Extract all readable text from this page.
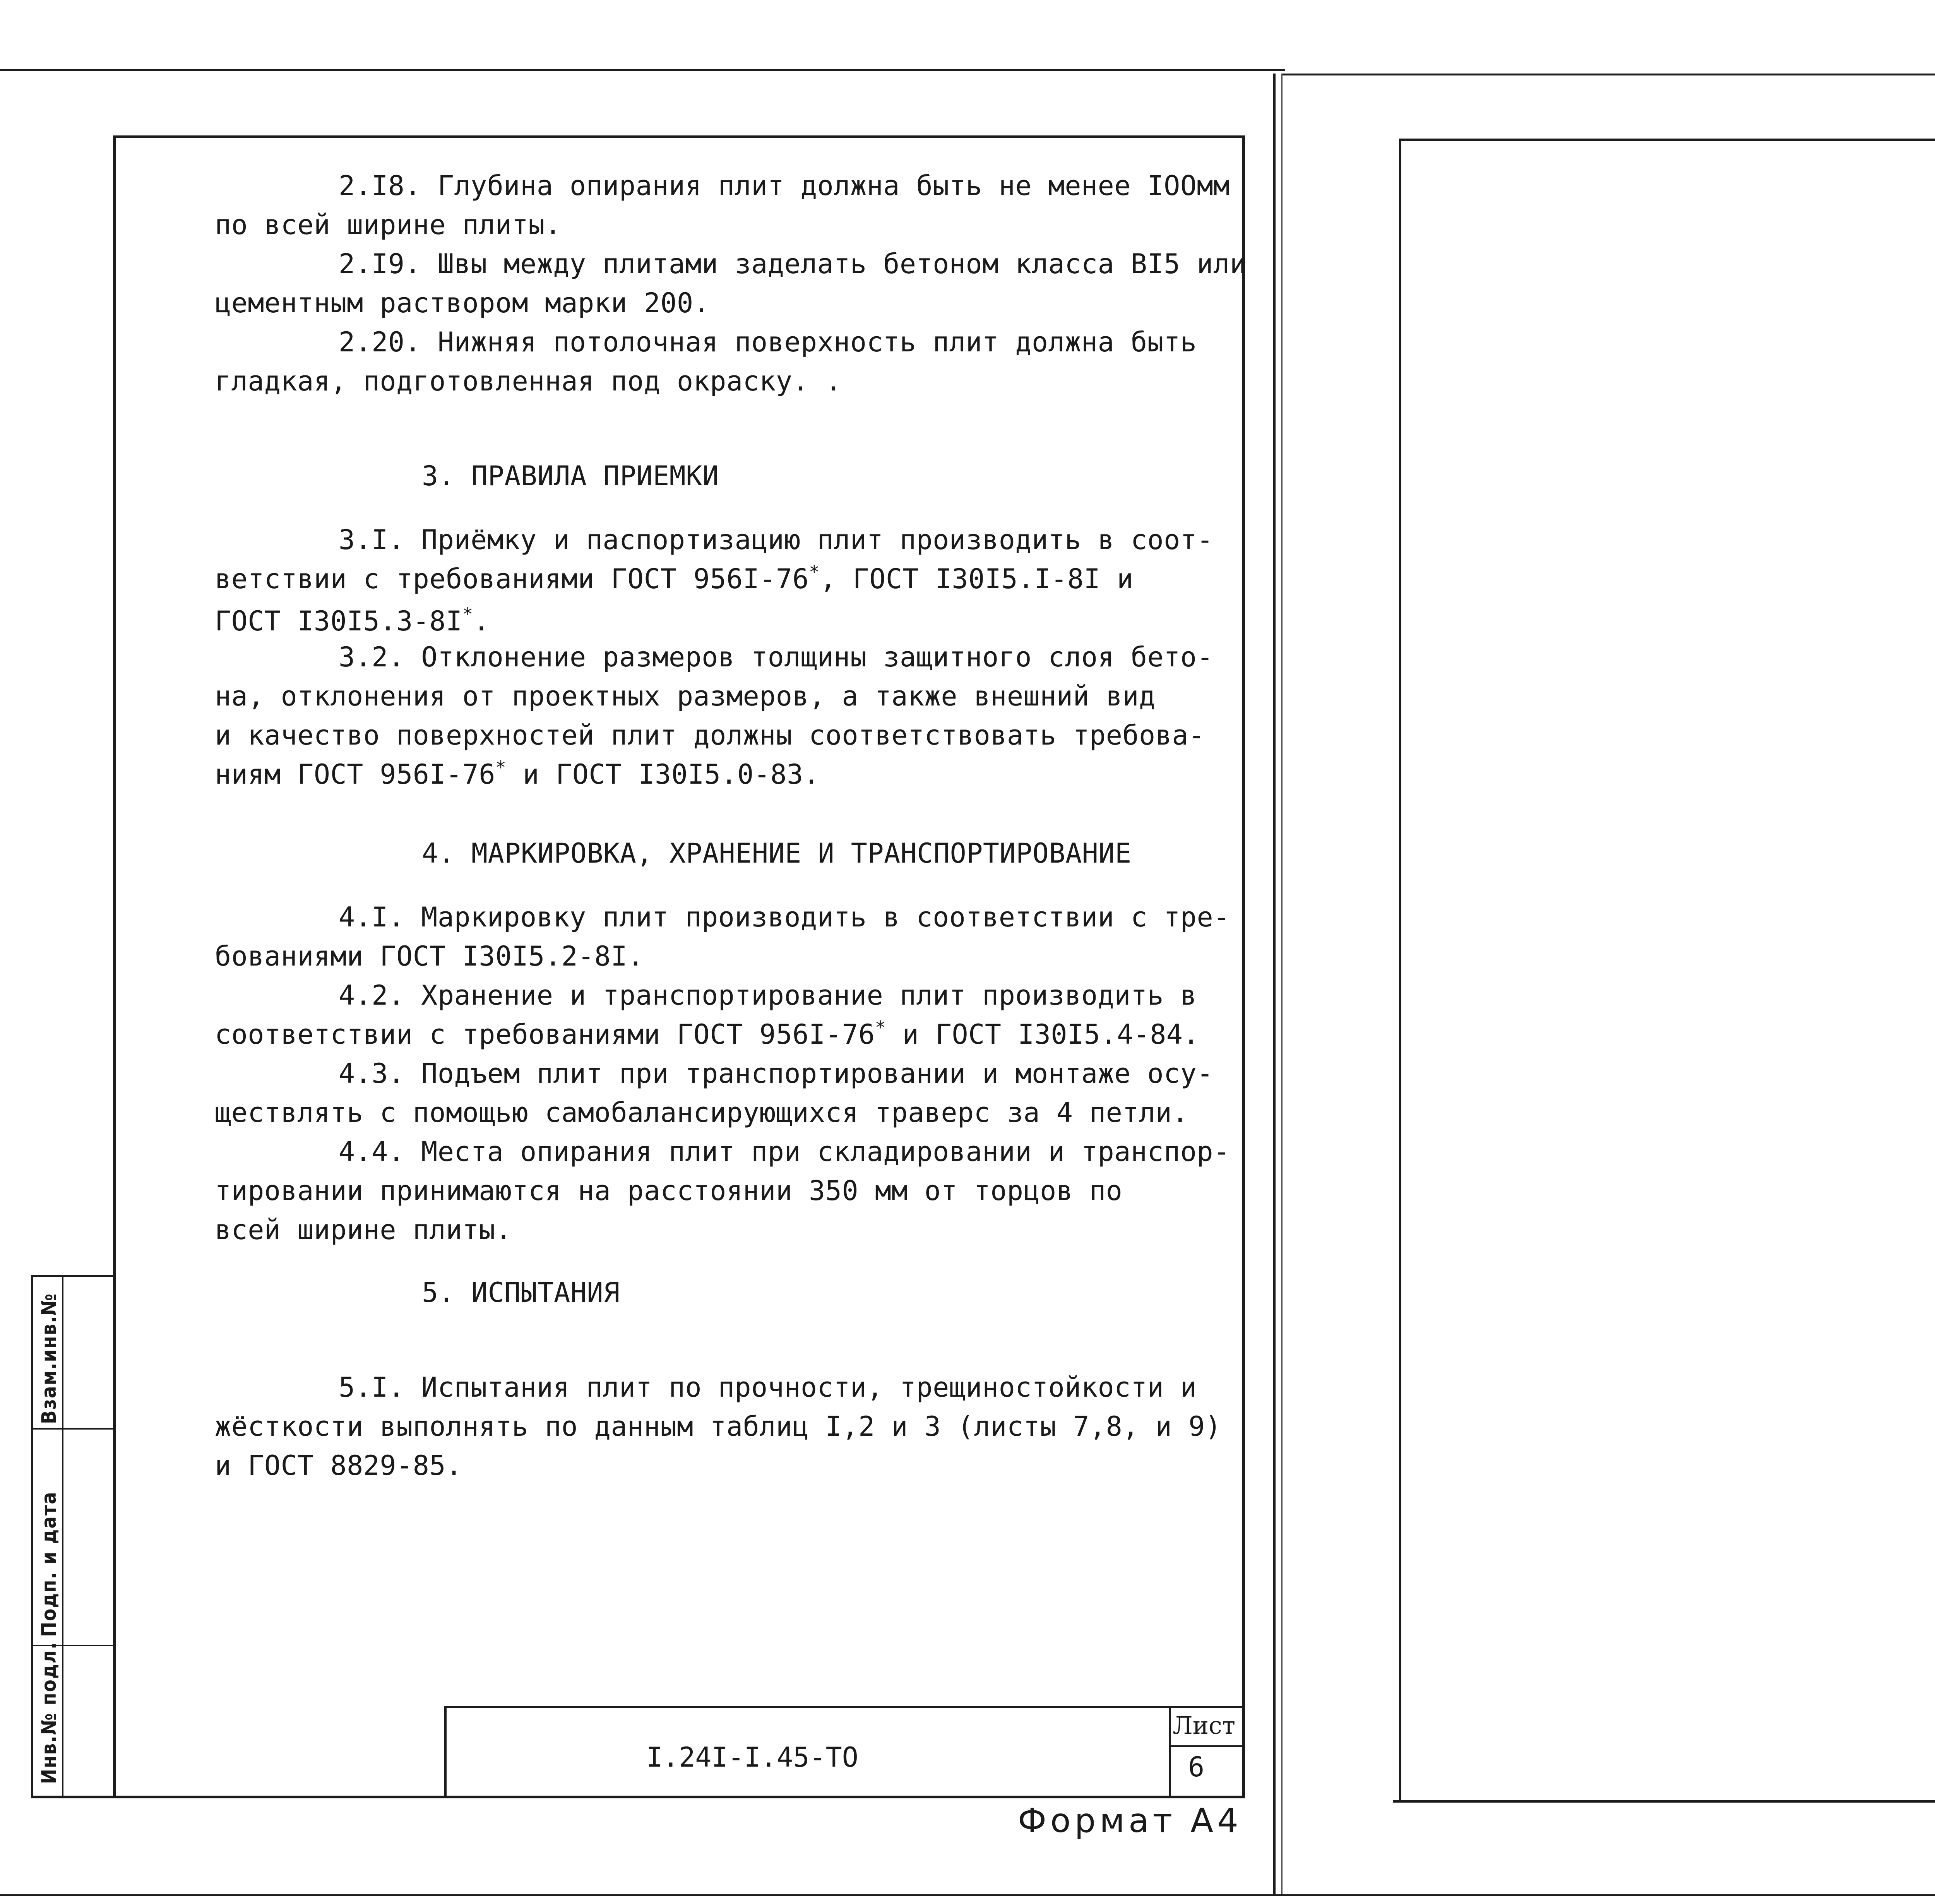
Взам.инв.№
Подп. и дата
Инв.№ подл.
2.I8. Глубина опирания плит должна быть не менее IOOмм
по всей ширине плиты.
2.I9. Швы между плитами заделать бетоном класса BI5 или
цементным раствором марки 200.
2.20. Нижняя потолочная поверхность плит должна быть
гладкая, подготовленная под окраску. .
3. ПРАВИЛА ПРИЕМКИ
3.I. Приёмку и паспортизацию плит производить в соот-
ветствии с требованиями ГОСТ 956I-76*, ГОСТ I30I5.I-8I и
ГОСТ I30I5.3-8I*.
3.2. Отклонение размеров толщины защитного слоя бето-
на, отклонения от проектных размеров, а также внешний вид
и качество поверхностей плит должны соответствовать требова-
ниям ГОСТ 956I-76* и ГОСТ I30I5.0-83.
4. МАРКИРОВКА, ХРАНЕНИЕ И ТРАНСПОРТИРОВАНИЕ
4.I. Маркировку плит производить в соответствии с тре-
бованиями ГОСТ I30I5.2-8I.
4.2. Хранение и транспортирование плит производить в
соответствии с требованиями ГОСТ 956I-76* и ГОСТ I30I5.4-84.
4.3. Подъем плит при транспортировании и монтаже осу-
ществлять с помощью самобалансирующихся траверс за 4 петли.
4.4. Места опирания плит при складировании и транспор-
тировании принимаются на расстоянии 350 мм от торцов по
всей ширине плиты.
5. ИСПЫТАНИЯ
5.I. Испытания плит по прочности, трещиностойкости и
жёсткости выполнять по данным таблиц I,2 и 3 (листы 7,8, и 9)
и ГОСТ 8829-85.
I.24I-I.45-TO
Лист
6
Формат А4
